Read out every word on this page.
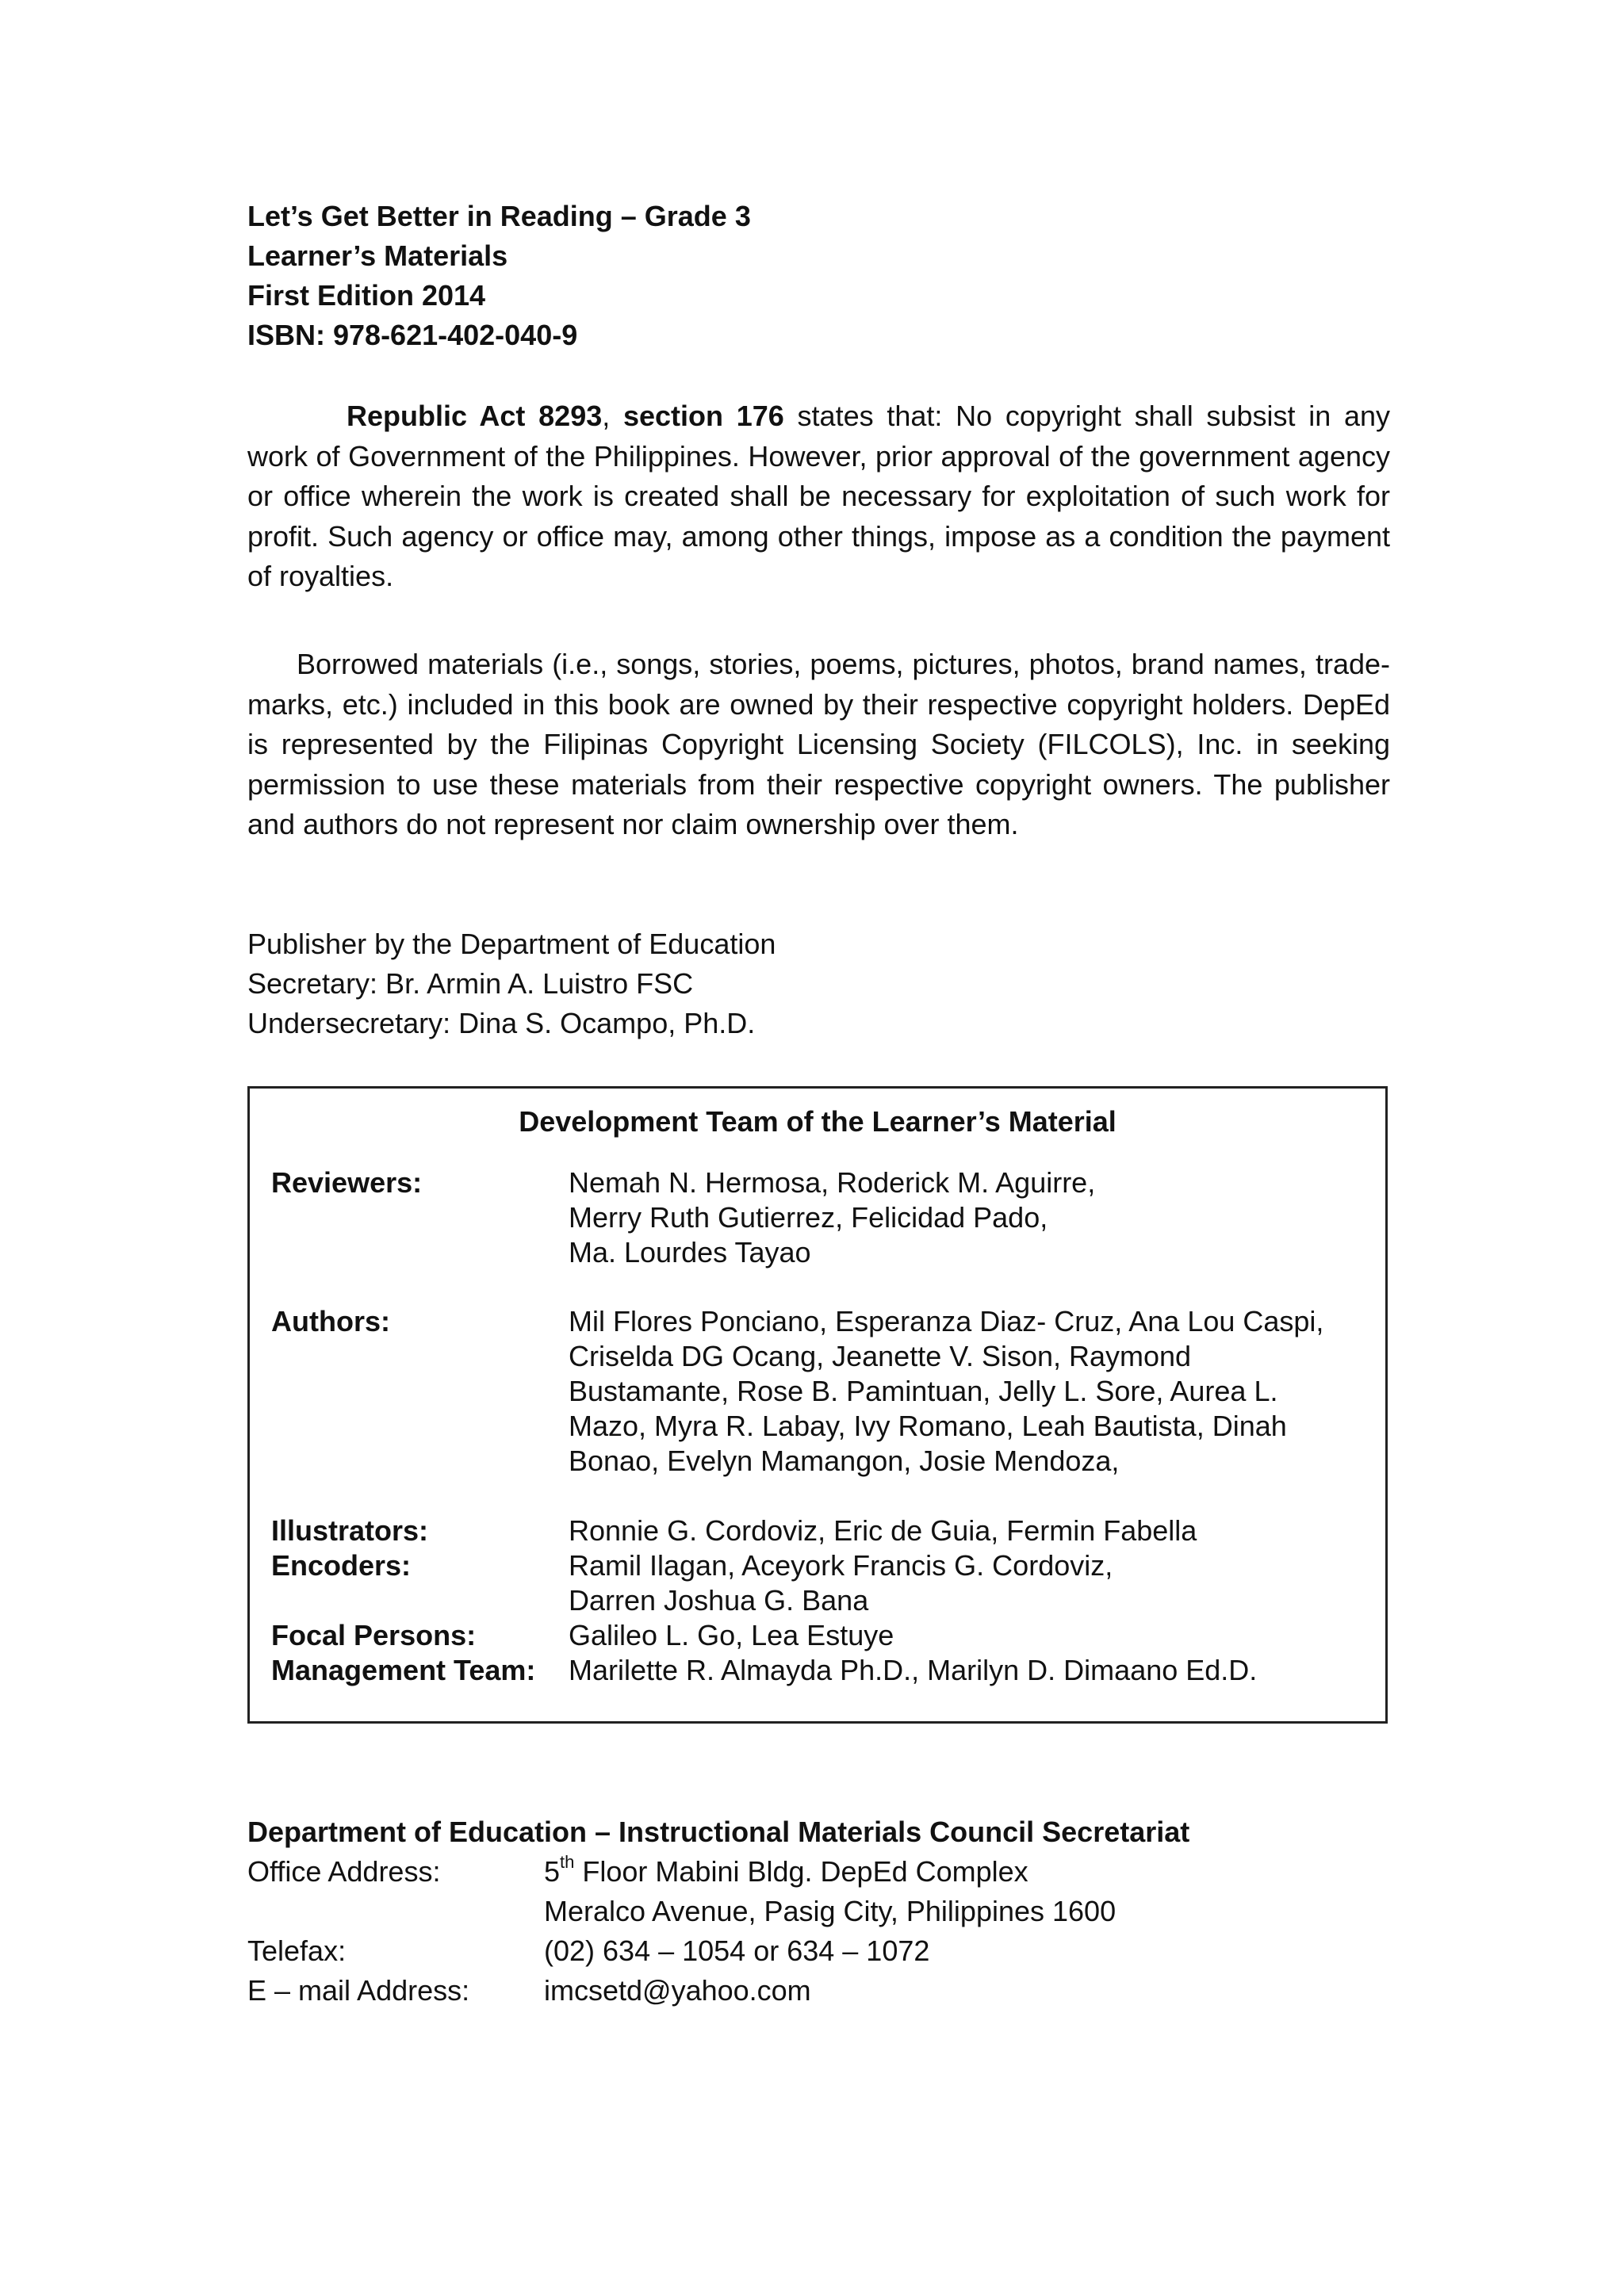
Let’s Get Better in Reading – Grade 3
Learner’s Materials
First Edition 2014
ISBN: 978-621-402-040-9
Republic Act 8293, section 176 states that: No copyright shall subsist in any work of Government of the Philippines. However, prior approval of the government agency or office wherein the work is created shall be necessary for exploitation of such work for profit. Such agency or office may, among other things, impose as a condition the payment of royalties.
Borrowed materials (i.e., songs, stories, poems, pictures, photos, brand names, trade- marks, etc.) included in this book are owned by their respective copyright holders. DepEd is represented by the Filipinas Copyright Licensing Society (FILCOLS), Inc. in seeking permission to use these materials from their respective copyright owners. The publisher and authors do not represent nor claim ownership over them.
Publisher by the Department of Education
Secretary: Br. Armin A. Luistro FSC
Undersecretary: Dina S. Ocampo, Ph.D.
Development Team of the Learner’s Material
Reviewers:	Nemah N. Hermosa, Roderick M. Aguirre,
Merry Ruth Gutierrez, Felicidad Pado,
Ma. Lourdes Tayao
Authors:	Mil Flores Ponciano, Esperanza Diaz- Cruz, Ana Lou Caspi,
Criselda DG Ocang, Jeanette V. Sison, Raymond
Bustamante, Rose B. Pamintuan, Jelly L. Sore, Aurea L.
Mazo, Myra R. Labay, Ivy Romano, Leah Bautista, Dinah
Bonao, Evelyn Mamangon, Josie Mendoza,
Illustrators:	Ronnie G. Cordoviz, Eric de Guia, Fermin Fabella
Encoders:	Ramil Ilagan, Aceyork Francis G. Cordoviz,
Darren Joshua G. Bana
Focal Persons:	Galileo L. Go, Lea Estuye
Management Team: Marilette R. Almayda Ph.D., Marilyn D. Dimaano Ed.D.
Department of Education – Instructional Materials Council Secretariat
Office Address:	5th Floor Mabini Bldg. DepEd Complex
Meralco Avenue, Pasig City, Philippines 1600
Telefax:	(02) 634 – 1054 or 634 – 1072
E – mail Address:	imcsetd@yahoo.com
